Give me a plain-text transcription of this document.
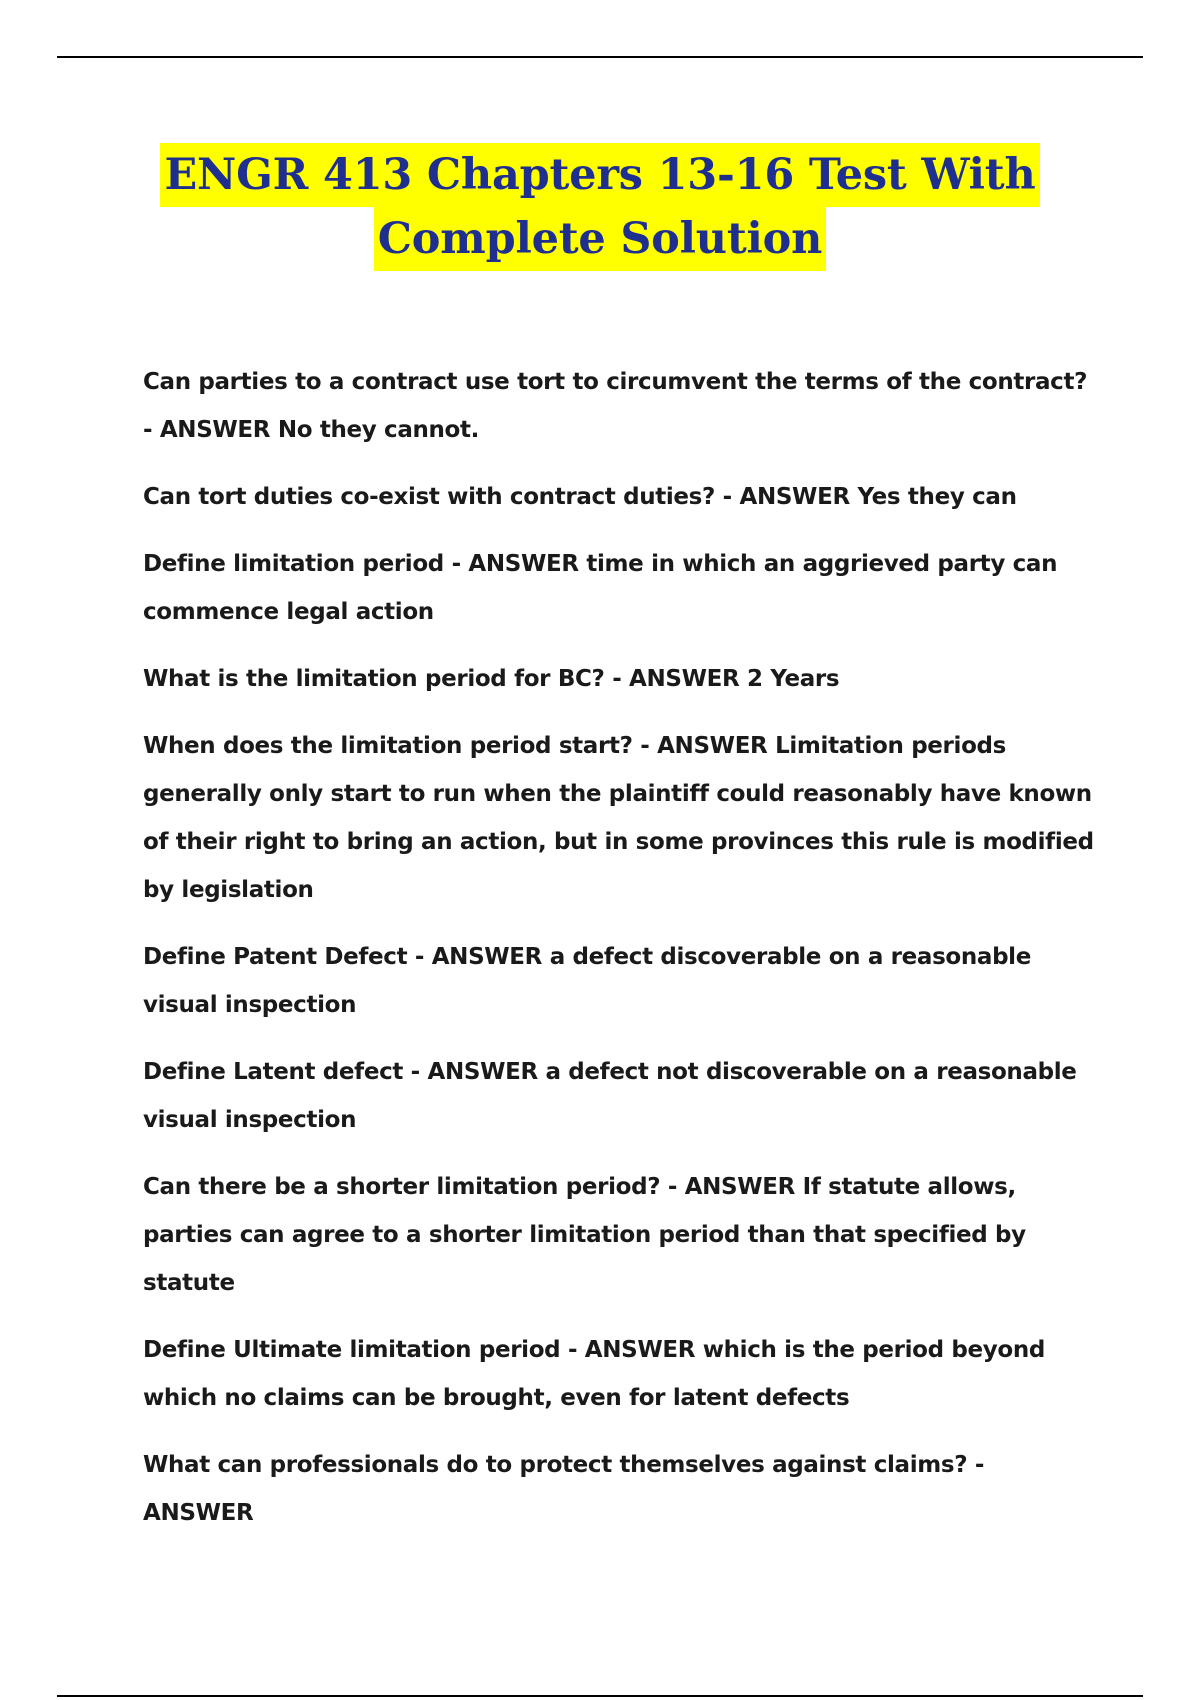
ENGR 413 Chapters 13-16 Test With
Complete Solution
Can parties to a contract use tort to circumvent the terms of the contract? - ANSWER No they cannot.
Can tort duties co-exist with contract duties? - ANSWER Yes they can
Define limitation period - ANSWER time in which an aggrieved party can commence legal action
What is the limitation period for BC? - ANSWER 2 Years
When does the limitation period start? - ANSWER Limitation periods generally only start to run when the plaintiff could reasonably have known of their right to bring an action, but in some provinces this rule is modified by legislation
Define Patent Defect - ANSWER a defect discoverable on a reasonable visual inspection
Define Latent defect - ANSWER a defect not discoverable on a reasonable visual inspection
Can there be a shorter limitation period? - ANSWER If statute allows, parties can agree to a shorter limitation period than that specified by statute
Define Ultimate limitation period - ANSWER which is the period beyond which no claims can be brought, even for latent defects
What can professionals do to protect themselves against claims? - ANSWER
